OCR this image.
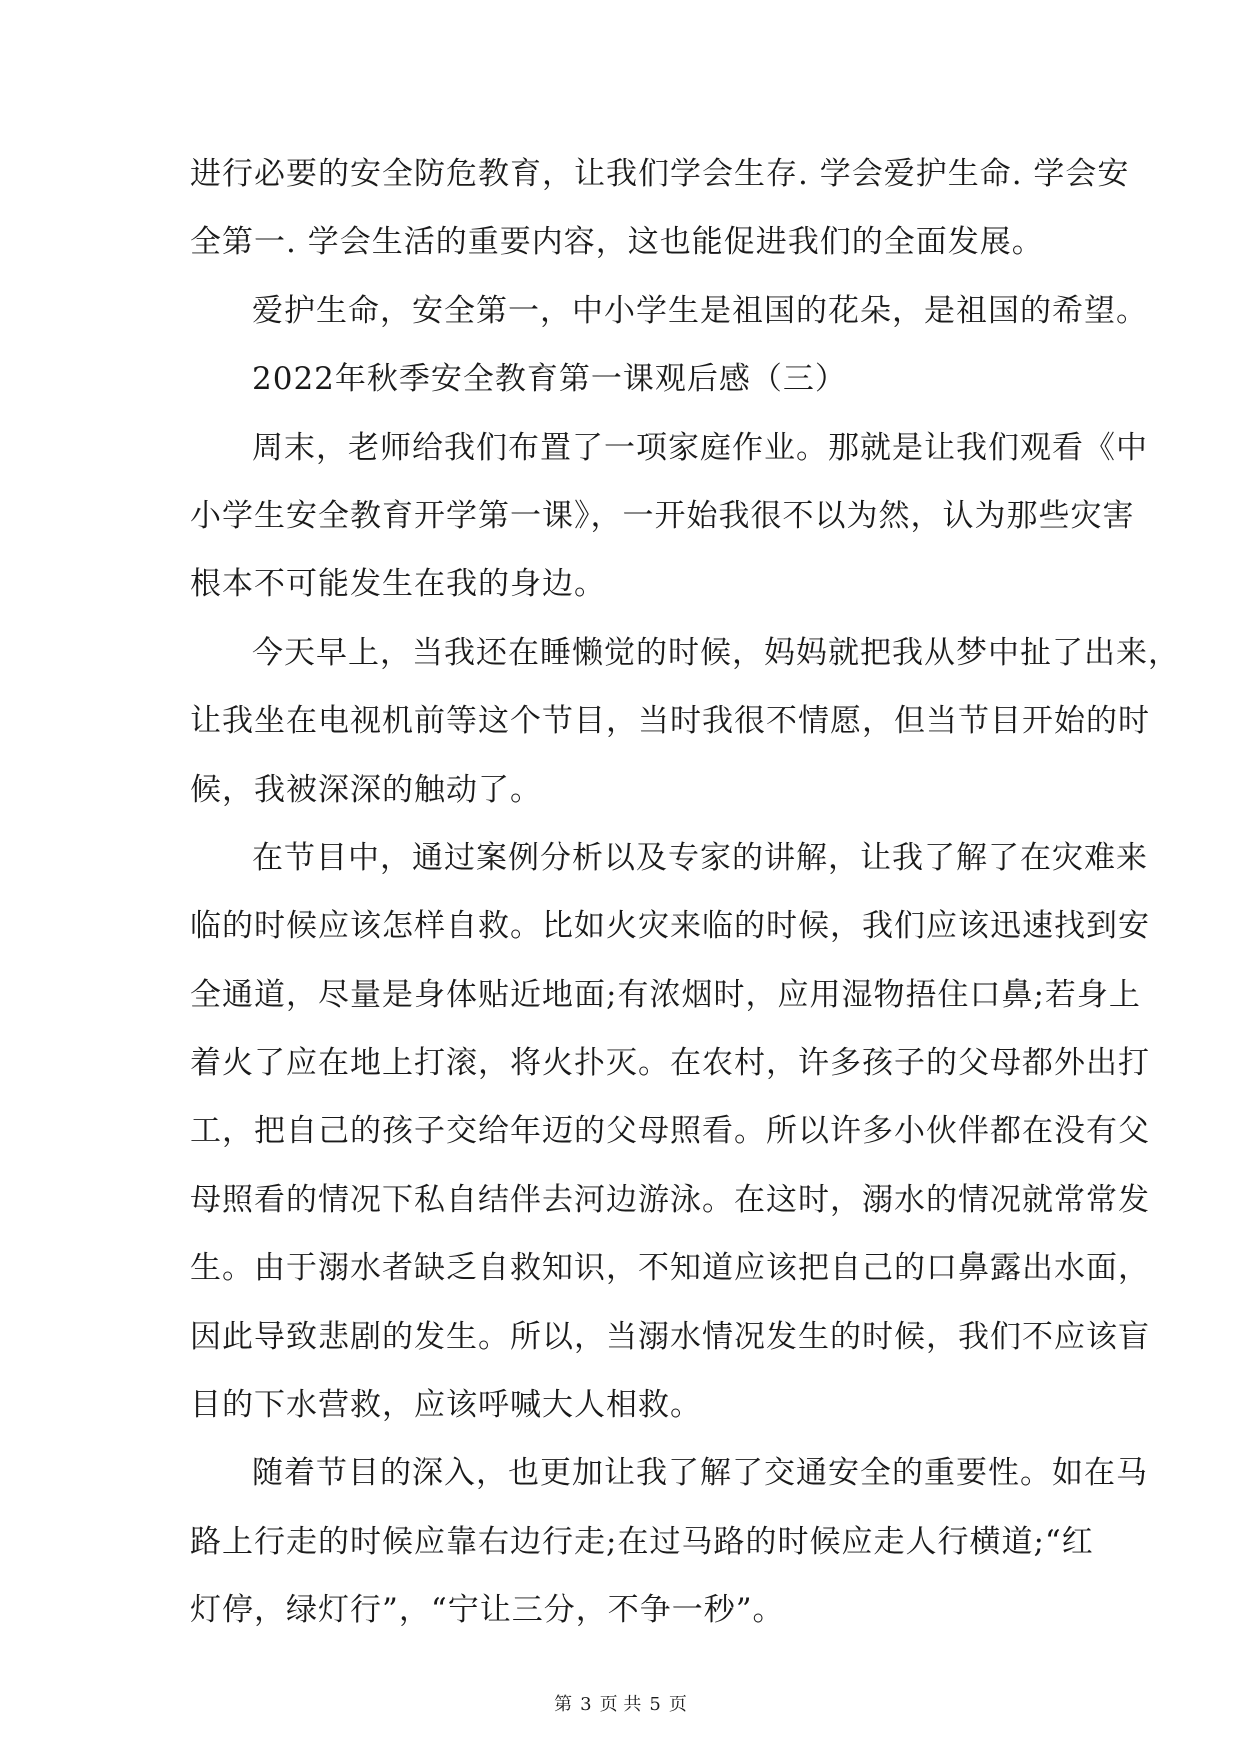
进行必要的安全防危教育，让我们学会生存. 学会爱护生命. 学会安
全第一. 学会生活的重要内容，这也能促进我们的全面发展。
爱护生命，安全第一，中小学生是祖国的花朵，是祖国的希望。
2022年秋季安全教育第一课观后感（三）
周末，老师给我们布置了一项家庭作业。那就是让我们观看《中
小学生安全教育开学第一课》，一开始我很不以为然，认为那些灾害
根本不可能发生在我的身边。
今天早上，当我还在睡懒觉的时候，妈妈就把我从梦中扯了出来，
让我坐在电视机前等这个节目，当时我很不情愿，但当节目开始的时
候，我被深深的触动了。
在节目中，通过案例分析以及专家的讲解，让我了解了在灾难来
临的时候应该怎样自救。比如火灾来临的时候，我们应该迅速找到安
全通道，尽量是身体贴近地面;有浓烟时，应用湿物捂住口鼻;若身上
着火了应在地上打滚，将火扑灭。在农村，许多孩子的父母都外出打
工，把自己的孩子交给年迈的父母照看。所以许多小伙伴都在没有父
母照看的情况下私自结伴去河边游泳。在这时，溺水的情况就常常发
生。由于溺水者缺乏自救知识，不知道应该把自己的口鼻露出水面，
因此导致悲剧的发生。所以，当溺水情况发生的时候，我们不应该盲
目的下水营救，应该呼喊大人相救。
随着节目的深入，也更加让我了解了交通安全的重要性。如在马
路上行走的时候应靠右边行走;在过马路的时候应走人行横道;“红
灯停，绿灯行”，“宁让三分，不争一秒”。
第 3 页 共 5 页
